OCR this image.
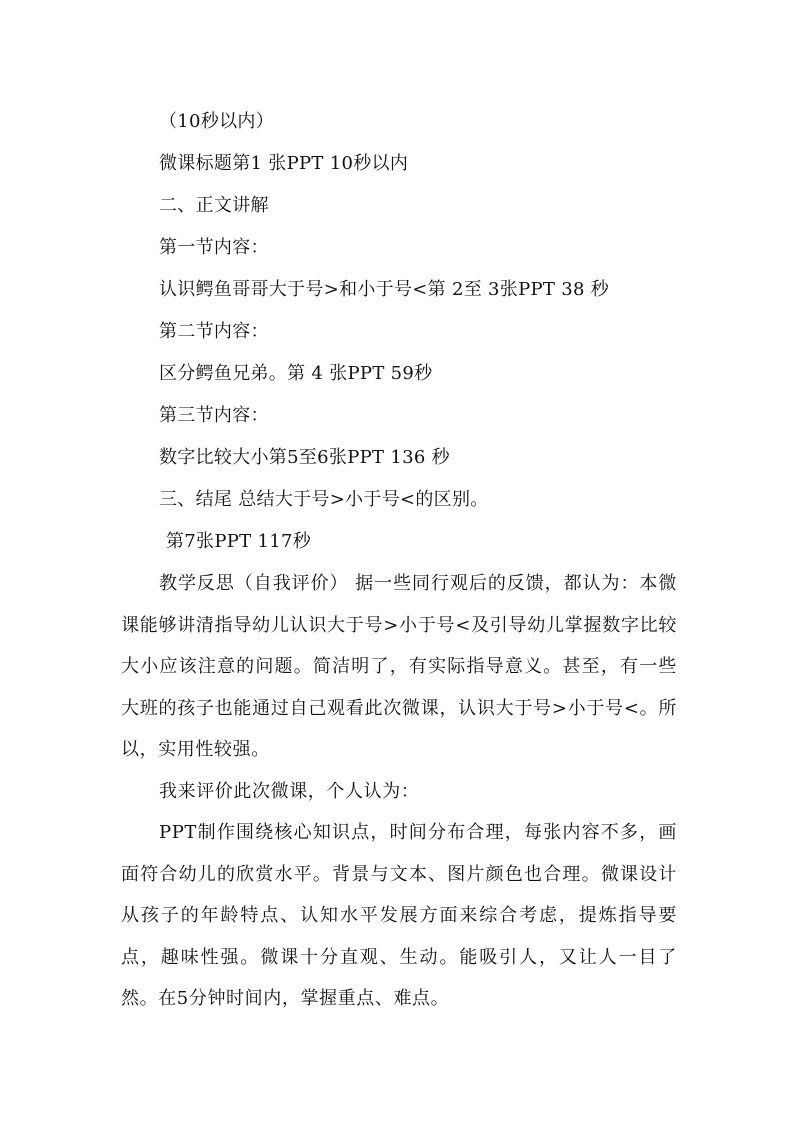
（10秒以内）
微课标题第1 张PPT 10秒以内
二、正文讲解
第一节内容：
认识鳄鱼哥哥大于号>和小于号<第 2至 3张PPT 38 秒
第二节内容：
区分鳄鱼兄弟。第 4 张PPT 59秒
第三节内容：
数字比较大小第5至6张PPT 136 秒
三、结尾 总结大于号>小于号<的区别。
第7张PPT 117秒

教学反思（自我评价） 据一些同行观后的反馈，都认为：本微课能够讲清指导幼儿认识大于号>小于号<及引导幼儿掌握数字比较大小应该注意的问题。简洁明了，有实际指导意义。甚至，有一些大班的孩子也能通过自己观看此次微课，认识大于号>小于号<。所以，实用性较强。

我来评价此次微课，个人认为：

PPT制作围绕核心知识点，时间分布合理，每张内容不多，画面符合幼儿的欣赏水平。背景与文本、图片颜色也合理。微课设计从孩子的年龄特点、认知水平发展方面来综合考虑，提炼指导要点，趣味性强。微课十分直观、生动。能吸引人，又让人一目了然。在5分钟时间内，掌握重点、难点。
